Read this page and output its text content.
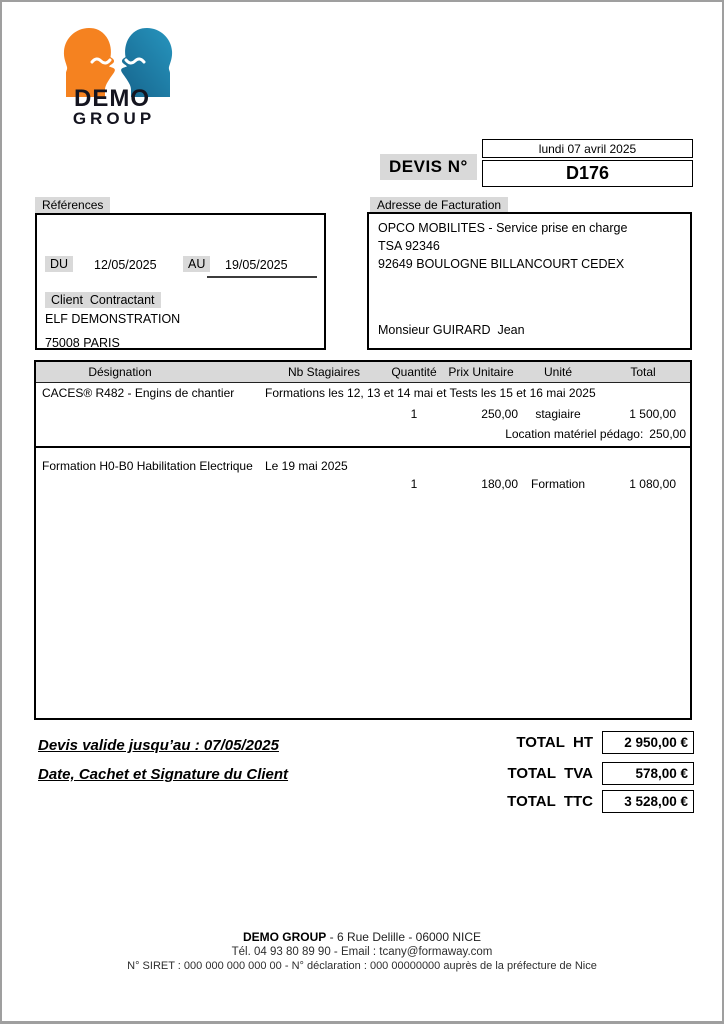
DEMO
GROUP
lundi 07 avril 2025
DEVIS N°	D176
Références
DU	12/05/2025	AU	19/05/2025
Client  Contractant
ELF DEMONSTRATION
75008 PARIS
Adresse de Facturation
OPCO MOBILITES - Service prise en charge
TSA 92346
92649 BOULOGNE BILLANCOURT CEDEX
Monsieur GUIRARD  Jean
Désignation	Nb Stagiaires	Quantité Prix Unitaire	Unité	Total
CACES® R482 - Engins de chantier	Formations les 12, 13 et 14 mai et Tests les 15 et 16 mai 2025
1	250,00	stagiaire	1 500,00
Location matériel pédago: 250,00
Formation H0-B0 Habilitation Electrique Le 19 mai 2025
1	180,00	Formation	1 080,00
Devis valide jusqu’au : 07/05/2025
Date, Cachet et Signature du Client
TOTAL  HT 2 950,00 €
TOTAL  TVA	578,00 €
TOTAL  TTC 3 528,00 €
DEMO GROUP - 6 Rue Delille - 06000 NICE
Tél. 04 93 80 89 90 - Email : tcany@formaway.com
N° SIRET : 000 000 000 000 00 - N° déclaration : 000 00000000 auprès de la préfecture de Nice
